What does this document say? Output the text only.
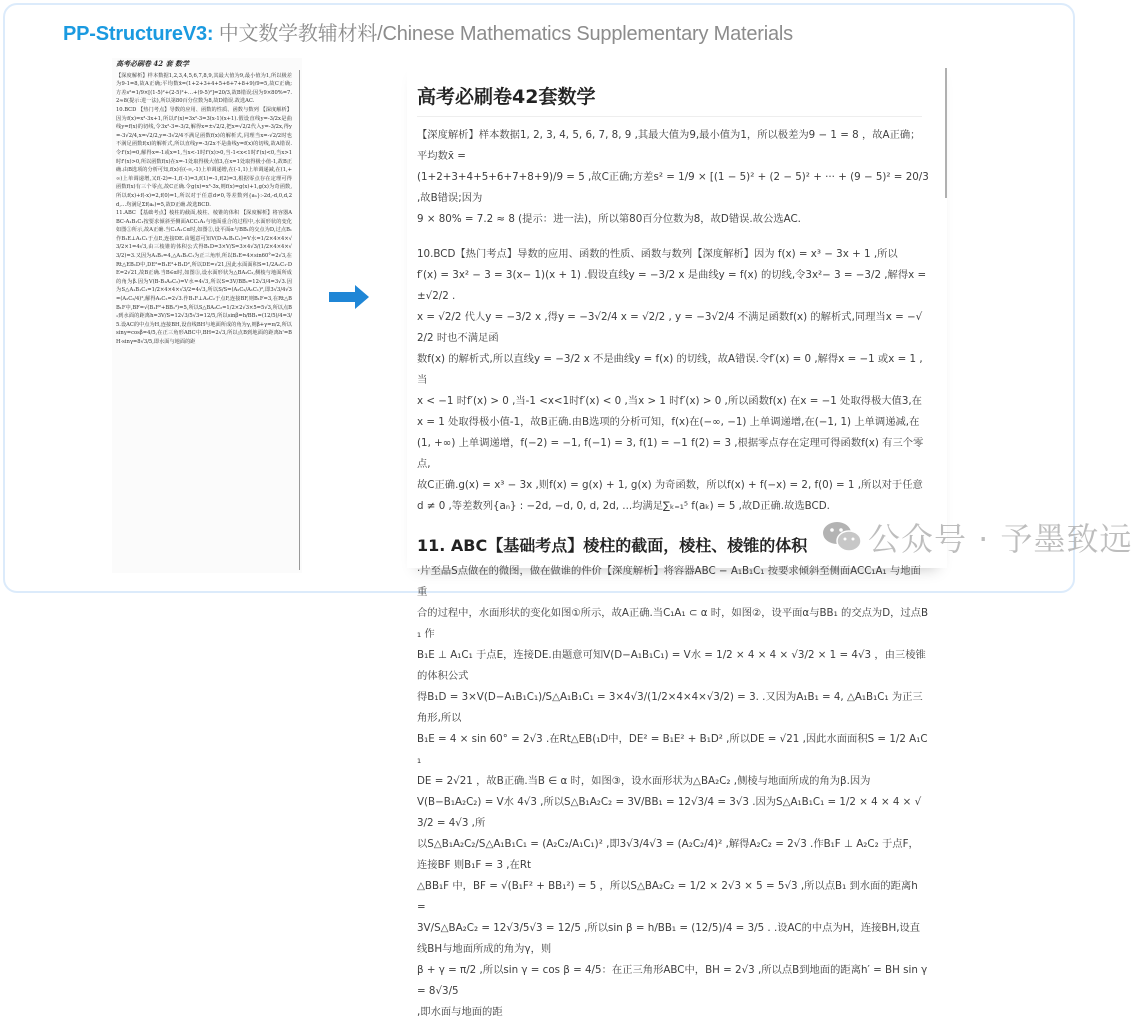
PP-StructureV3: 中文数学教辅材料/Chinese Mathematics Supplementary Materials
高考必刷卷 42 套 数学

【深度解析】样本数据1,2,3,4,5,6,7,8,9,其最大值为9,最小值为1,所以极差为9-1=8,故A正确;平均数x̄=(1+2+3+4+5+6+7+8+9)/9=5,故C正确;方差s²=1/9×[(1-5)²+(2-5)²+…+(9-5)²]=20/3,故B错误;因为9×80%=7.2≈8(提示:进一法),所以第80百分位数为8,故D错误.故选AC.

10.BCD 【热门考点】导数的应用、函数的性质、函数与数列 【深度解析】因为f(x)=x³-3x+1,所以f'(x)=3x²-3=3(x-1)(x+1).假设直线y=-3/2x是曲线y=f(x)的切线,令3x²-3=-3/2,解得x=±√2/2,把x=√2/2代入y=-3/2x,得y=-3√2/4,x=√2/2,y=-3√2/4不满足函数f(x)的解析式,同理当x=-√2/2时也不满足函数f(x)的解析式,所以直线y=-3/2x不是曲线y=f(x)的切线,故A错误.令f'(x)=0,解得x=-1或x=1,当x<-1时f'(x)>0,当-1<x<1时f'(x)<0,当x>1时f'(x)>0,所以函数f(x)在x=-1处取得极大值3,在x=1处取得极小值-1,故B正确.由B选项的分析可知,f(x)在(-∞,-1)上单调递增,在(-1,1)上单调递减,在(1,+∞)上单调递增,又f(-2)=-1,f(-1)=3,f(1)=-1,f(2)=3,根据零点存在定理可得函数f(x)有三个零点,故C正确.令g(x)=x³-3x,则f(x)=g(x)+1,g(x)为奇函数,所以f(x)+f(-x)=2,f(0)=1,所以对于任意d≠0,等差数列{aₙ}:-2d,-d,0,d,2d,…均满足Σf(aₖ)=5,故D正确.故选BCD.

11.ABC 【基础考点】棱柱的截面,棱柱、棱锥的体积 【深度解析】将容器ABC-A₁B₁C₁按要求倾斜至侧面ACC₁A₁与地面重合的过程中,水面形状的变化如图①所示,故A正确.当C₁A₁⊂α时,如图②,设平面α与BB₁的交点为D,过点B₁作B₁E⊥A₁C₁于点E,连接DE.由题意可知V(D-A₁B₁C₁)=V水=1/2×4×4×√3/2×1=4√3,由三棱锥的体积公式得B₁D=3×V/S=3×4√3/(1/2×4×4×√3/2)=3.又因为A₁B₁=4,△A₁B₁C₁为正三角形,所以B₁E=4×sin60°=2√3,在Rt△EB₁D中,DE²=B₁E²+B₁D²,所以DE=√21,因此水面面积S=1/2A₁C₁·DE=2√21,故B正确.当B∈α时,如图③,设水面形状为△BA₂C₂,侧棱与地面所成的角为β.因为V(B-B₁A₂C₂)=V水=4√3,所以S=3V/BB₁=12√3/4=3√3.因为S△A₁B₁C₁=1/2×4×4×√3/2=4√3,所以S/S=(A₂C₂/A₁C₁)²,即3√3/4√3=(A₂C₂/4)²,解得A₂C₂=2√3.作B₁F⊥A₂C₂于点F,连接BF,则B₁F=3,在Rt△BB₁F中,BF=√(B₁F²+BB₁²)=5,所以S△BA₂C₂=1/2×2√3×5=5√3,所以点B₁到水面的距离h=3V/S=12√3/5√3=12/5,所以sinβ=h/BB₁=(12/5)/4=3/5.设AC的中点为H,连接BH,设直线BH与地面所成的角为γ,则β+γ=π/2,所以sinγ=cosβ=4/5,在正三角形ABC中,BH=2√3,所以点B到地面的距离h'=BH·sinγ=8√3/5,即水面与地面的距

高考必刷卷42套数学

【深度解析】样本数据1, 2, 3, 4, 5, 6, 7, 8, 9 ,其最大值为9,最小值为1，所以极差为9 − 1 = 8 ，故A正确；平均数x̄ =

(1+2+3+4+5+6+7+8+9)/9 = 5 ,故C正确;方差s² = 1/9 × [(1 − 5)² + (2 − 5)² + ··· + (9 − 5)² = 20/3 ,故B错误;因为

9 × 80% = 7.2 ≈ 8 (提示：进一法)，所以第80百分位数为8，故D错误.故公选AC.

10.BCD【热门考点】导数的应用、函数的性质、函数与数列【深度解析】因为 f(x) = x³ − 3x + 1 ,所以

f′(x) = 3x² − 3 = 3(x− 1)(x + 1) .假设直线y = −3/2 x 是曲线y = f(x) 的切线,令3x²− 3 = −3/2 ,解得x = ±√2/2 .

x = √2/2 代人y = −3/2 x ,得y = −3√2/4 x = √2/2 , y = −3√2/4 不满足函数f(x) 的解析式,同理当x = −√2/2 时也不满足函

数f(x) 的解析式,所以直线y = −3/2 x 不是曲线y = f(x) 的切线，故A错误.令f′(x) = 0 ,解得x = −1 或x = 1 ,当

x < −1 时f′(x) > 0 ,当-1 <x<1时f′(x) < 0 ,当x > 1 时f′(x) > 0 ,所以函数f(x) 在x = −1 处取得极大值3,在

x = 1 处取得极小值-1，故B正确.由B选项的分析可知，f(x)在(−∞, −1) 上单调递增,在(−1, 1) 上单调递减,在

(1, +∞) 上单调递增，f(−2) = −1, f(−1) = 3, f(1) = −1 f(2) = 3 ,根据零点存在定理可得函数f(x) 有三个零点,

故C正确.g(x) = x³ − 3x ,则f(x) = g(x) + 1, g(x) 为奇函数，所以f(x) + f(−x) = 2, f(0) = 1 ,所以对于任意

d ≠ 0 ,等差数列{aₙ} : −2d, −d, 0, d, 2d, ...均满足∑ₖ₌₁⁵ f(aₖ) = 5 ,故D正确.故选BCD.

11. ABC【基础考点】棱柱的截面，棱柱、棱锥的体积

·片至晶S点做在的微图，做在做谁的件价【深度解析】将容器ABC − A₁B₁C₁ 按要求倾斜至侧面ACC₁A₁ 与地面重

合的过程中，水面形状的变化如图①所示，故A正确.当C₁A₁ ⊂ α 时，如图②，设平面α与BB₁ 的交点为D，过点B₁ 作

B₁E ⊥ A₁C₁ 于点E，连接DE.由题意可知V(D−A₁B₁C₁) = V水 = 1/2 × 4 × 4 × √3/2 × 1 = 4√3 ，由三棱锥的体积公式

得B₁D = 3×V(D−A₁B₁C₁)/S△A₁B₁C₁ = 3×4√3/(1/2×4×4×√3/2) = 3. .又因为A₁B₁ = 4, △A₁B₁C₁ 为正三角形,所以

B₁E = 4 × sin 60° = 2√3 .在Rt△EB(₁D中，DE² = B₁E² + B₁D² ,所以DE = √21 ,因此水面面积S = 1/2 A₁C₁

DE = 2√21 ，故B正确.当B ∈ α 时，如图③，设水面形状为△BA₂C₂ ,侧棱与地面所成的角为β.因为

V(B−B₁A₂C₂) = V水 4√3 ,所以S△B₁A₂C₂ = 3V/BB₁ = 12√3/4 = 3√3 .因为S△A₁B₁C₁ = 1/2 × 4 × 4 × √3/2 = 4√3 ,所

以S△B₁A₂C₂/S△A₁B₁C₁ = (A₂C₂/A₁C₁)² ,即3√3/4√3 = (A₂C₂/4)² ,解得A₂C₂ = 2√3 .作B₁F ⊥ A₂C₂ 于点F，连接BF 则B₁F = 3 ,在Rt

△BB₁F 中，BF = √(B₁F² + BB₁²) = 5 ，所以S△BA₂C₂ = 1/2 × 2√3 × 5 = 5√3 ,所以点B₁ 到水面的距离h =

3V/S△BA₂C₂ = 12√3/5√3 = 12/5 ,所以sin β = h/BB₁ = (12/5)/4 = 3/5 . .设AC的中点为H，连接BH,设直线BH与地面所成的角为γ，则

β + γ = π/2 ,所以sin γ = cos β = 4/5：在正三角形ABC中，BH = 2√3 ,所以点B到地面的距离h′ = BH sin γ = 8√3/5

,即水面与地面的距

公众号 · 予墨致远
